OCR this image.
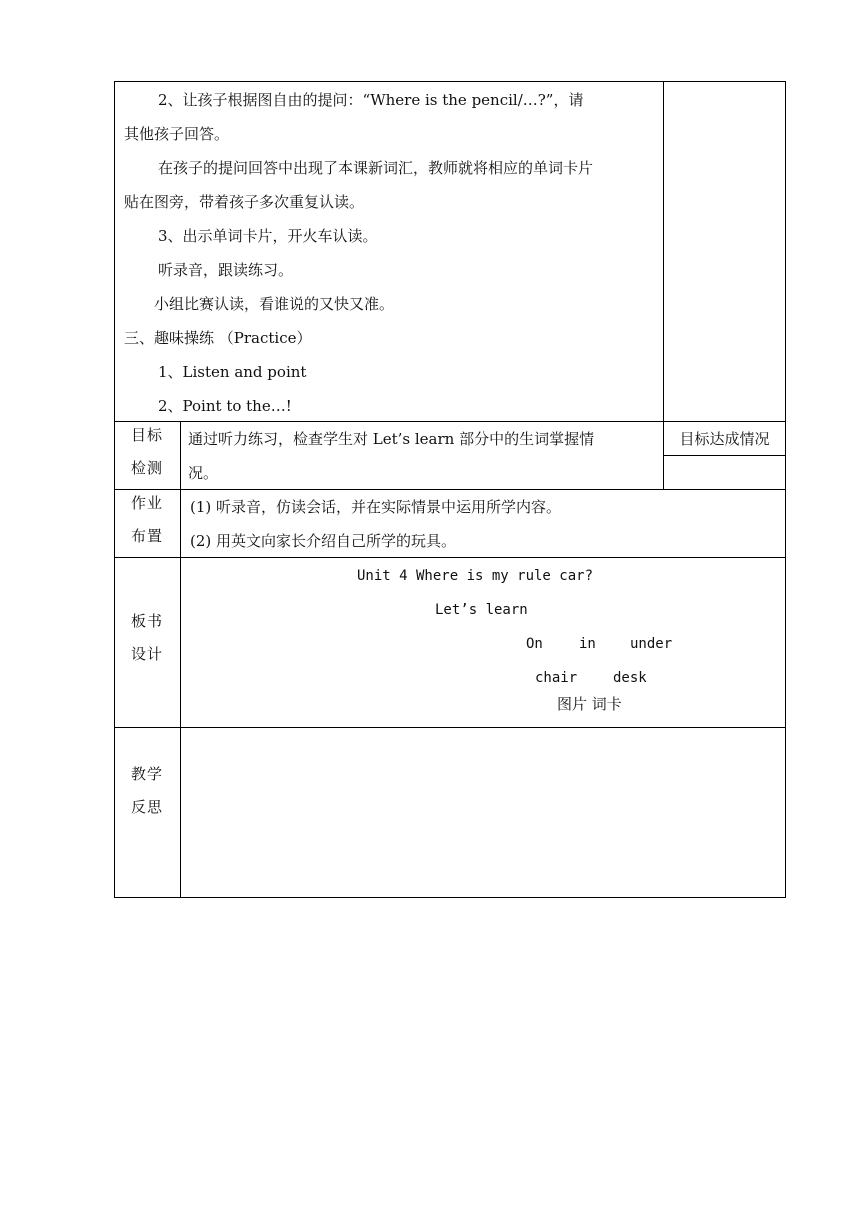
2、让孩子根据图自由的提问：“Where is the pencil/…?”，请
其他孩子回答。
在孩子的提问回答中出现了本课新词汇，教师就将相应的单词卡片
贴在图旁，带着孩子多次重复认读。
3、出示单词卡片，开火车认读。
听录音，跟读练习。
小组比赛认读，看谁说的又快又准。
三、趣味操练 （Practice）
1、Listen and point
2、Point to the…!
目标
检测
通过听力练习，检查学生对 Let’s learn 部分中的生词掌握情
况。
目标达成情况
作业
布置
(1) 听录音，仿读会话，并在实际情景中运用所学内容。
(2) 用英文向家长介绍自己所学的玩具。
板书
设计
Unit 4 Where is my rule car?
Let’s learn
On	in under
chair	desk
图片 词卡
教学
反思
